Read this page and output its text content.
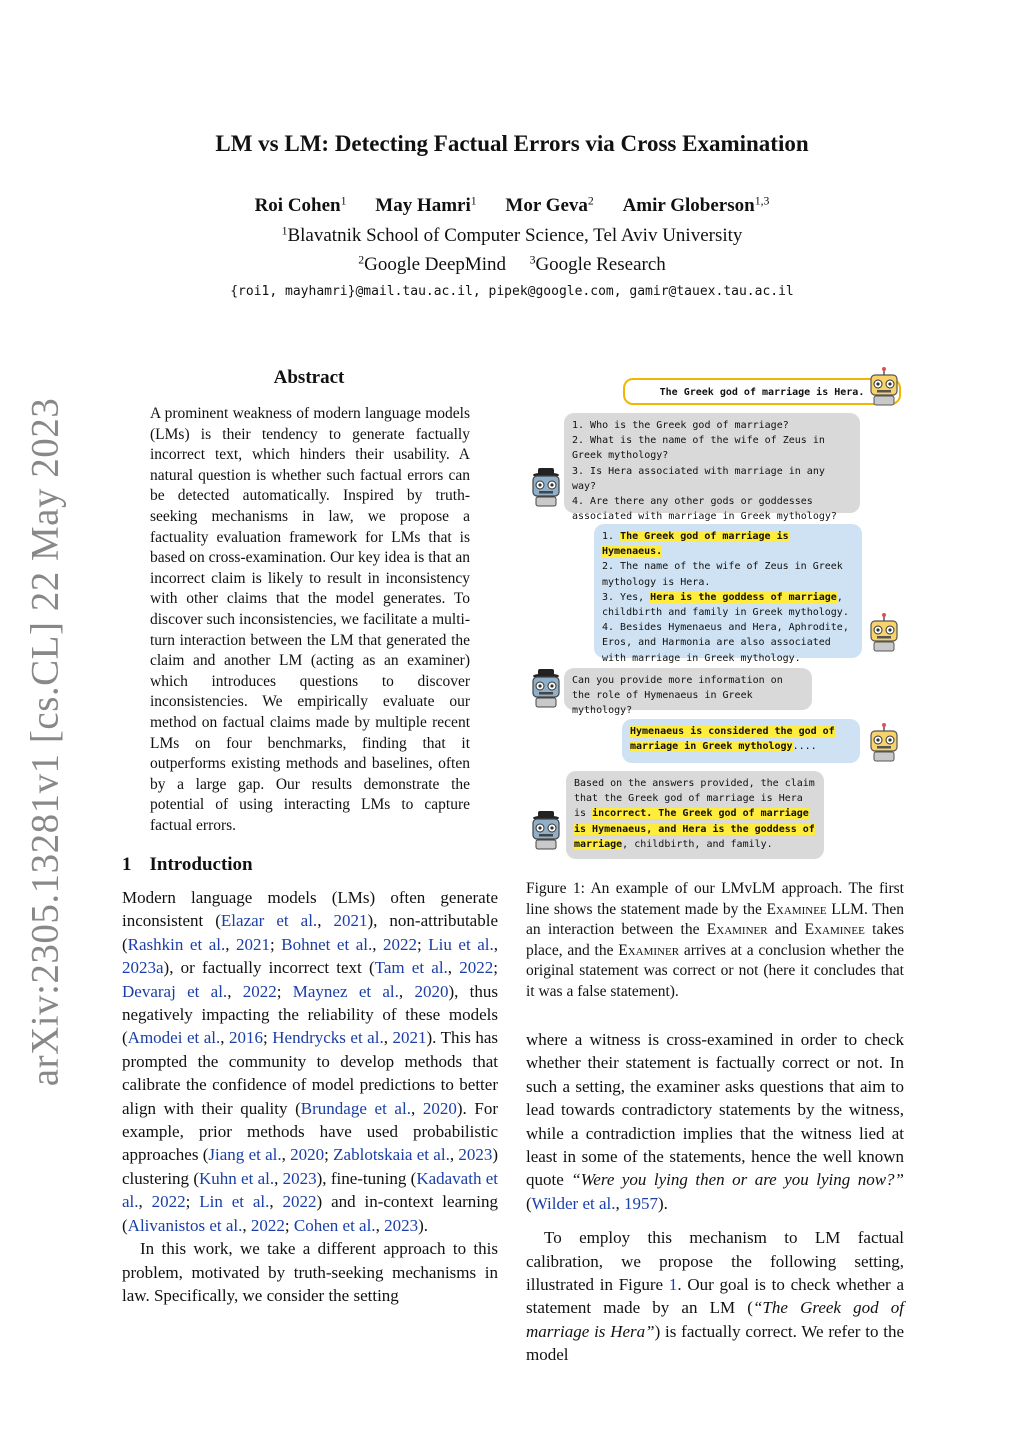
arXiv:2305.13281v1 [cs.CL] 22 May 2023
LM vs LM: Detecting Factual Errors via Cross Examination
Roi Cohen$^1$ May Hamri$^1$ Mor Geva$^2$ Amir Globerson$^{1,3}$
$^1$Blavatnik School of Computer Science, Tel Aviv University
$^2$Google DeepMind $^3$Google Research
{roi1, mayhamri}@mail.tau.ac.il, pipek@google.com, gamir@tauex.tau.ac.il
Abstract
A prominent weakness of modern language models (LMs) is their tendency to generate factually incorrect text, which hinders their usability. A natural question is whether such factual errors can be detected automatically. Inspired by truth-seeking mechanisms in law, we propose a factuality evaluation framework for LMs that is based on cross-examination. Our key idea is that an incorrect claim is likely to result in inconsistency with other claims that the model generates. To discover such inconsistencies, we facilitate a multi-turn interaction between the LM that generated the claim and another LM (acting as an examiner) which introduces questions to discover inconsistencies. We empirically evaluate our method on factual claims made by multiple recent LMs on four benchmarks, finding that it outperforms existing methods and baselines, often by a large gap. Our results demonstrate the potential of using interacting LMs to capture factual errors.
1 Introduction

Modern language models (LMs) often generate inconsistent (Elazar et al., 2021), non-attributable (Rashkin et al., 2021; Bohnet et al., 2022; Liu et al., 2023a), or factually incorrect text (Tam et al., 2022; Devaraj et al., 2022; Maynez et al., 2020), thus negatively impacting the reliability of these models (Amodei et al., 2016; Hendrycks et al., 2021). This has prompted the community to develop methods that calibrate the confidence of model predictions to better align with their quality (Brundage et al., 2020). For example, prior methods have used probabilistic approaches (Jiang et al., 2020; Zablotskaia et al., 2023) clustering (Kuhn et al., 2023), fine-tuning (Kadavath et al., 2022; Lin et al., 2022) and in-context learning (Alivanistos et al., 2022; Cohen et al., 2023).

In this work, we take a different approach to this problem, motivated by truth-seeking mechanisms in law. Specifically, we consider the setting

The Greek god of marriage is Hera.
1. Who is the Greek god of marriage?
2. What is the name of the wife of Zeus in Greek mythology?
3. Is Hera associated with marriage in any way?
4. Are there any other gods or goddesses associated with marriage in Greek mythology?
1. The Greek god of marriage is Hymenaeus.
2. The name of the wife of Zeus in Greek mythology is Hera.
3. Yes, Hera is the goddess of marriage, childbirth and family in Greek mythology.
4. Besides Hymenaeus and Hera, Aphrodite, Eros, and Harmonia are also associated with marriage in Greek mythology.
Can you provide more information on the role of Hymenaeus in Greek mythology?
Hymenaeus is considered the god of marriage in Greek mythology....
Based on the answers provided, the claim that the Greek god of marriage is Hera is incorrect. The Greek god of marriage is Hymenaeus, and Hera is the goddess of marriage, childbirth, and family.
Figure 1: An example of our LMvLM approach. The first line shows the statement made by the Examinee LLM. Then an interaction between the Examiner and Examinee takes place, and the Examiner arrives at a conclusion whether the original statement was correct or not (here it concludes that it was a false statement).

where a witness is cross-examined in order to check whether their statement is factually correct or not. In such a setting, the examiner asks questions that aim to lead towards contradictory statements by the witness, while a contradiction implies that the witness lied at least in some of the statements, hence the well known quote “Were you lying then or are you lying now?” (Wilder et al., 1957).

To employ this mechanism to LM factual calibration, we propose the following setting, illustrated in Figure 1. Our goal is to check whether a statement made by an LM (“The Greek god of marriage is Hera”) is factually correct. We refer to the model
